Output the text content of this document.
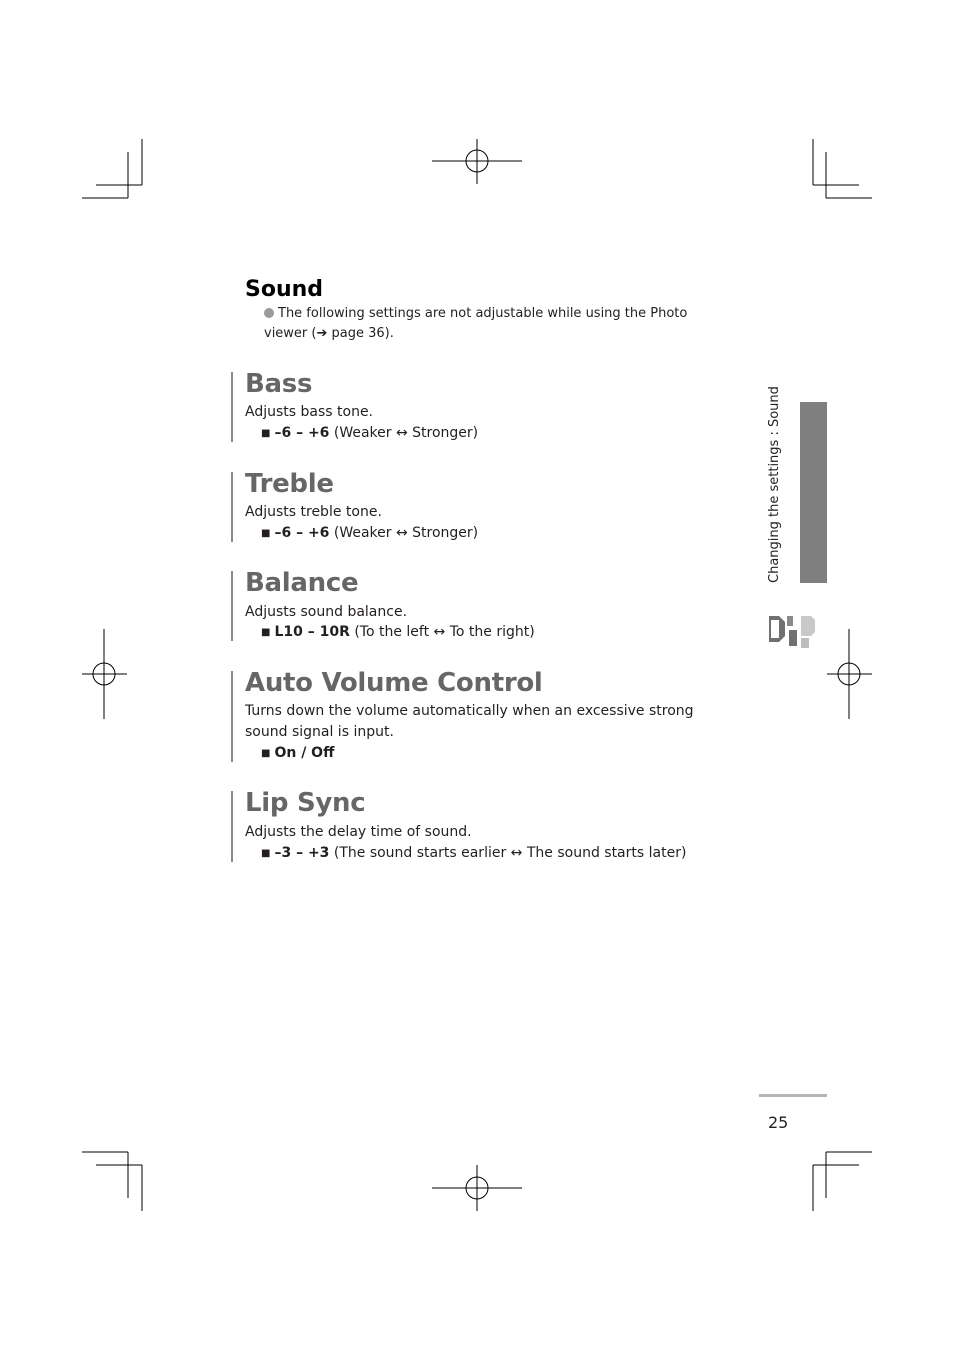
Sound
The following settings are not adjustable while using the Photo viewer (➔ page 36).
Bass
Adjusts bass tone.
■ –6 – +6 (Weaker ↔ Stronger)
Treble
Adjusts treble tone.
■ –6 – +6 (Weaker ↔ Stronger)
Balance
Adjusts sound balance.
■ L10 – 10R (To the left ↔ To the right)
Auto Volume Control
Turns down the volume automatically when an excessive strong sound signal is input.
■ On / Off
Lip Sync
Adjusts the delay time of sound.
■ –3 – +3 (The sound starts earlier ↔ The sound starts later)
Changing the settings : Sound
25
